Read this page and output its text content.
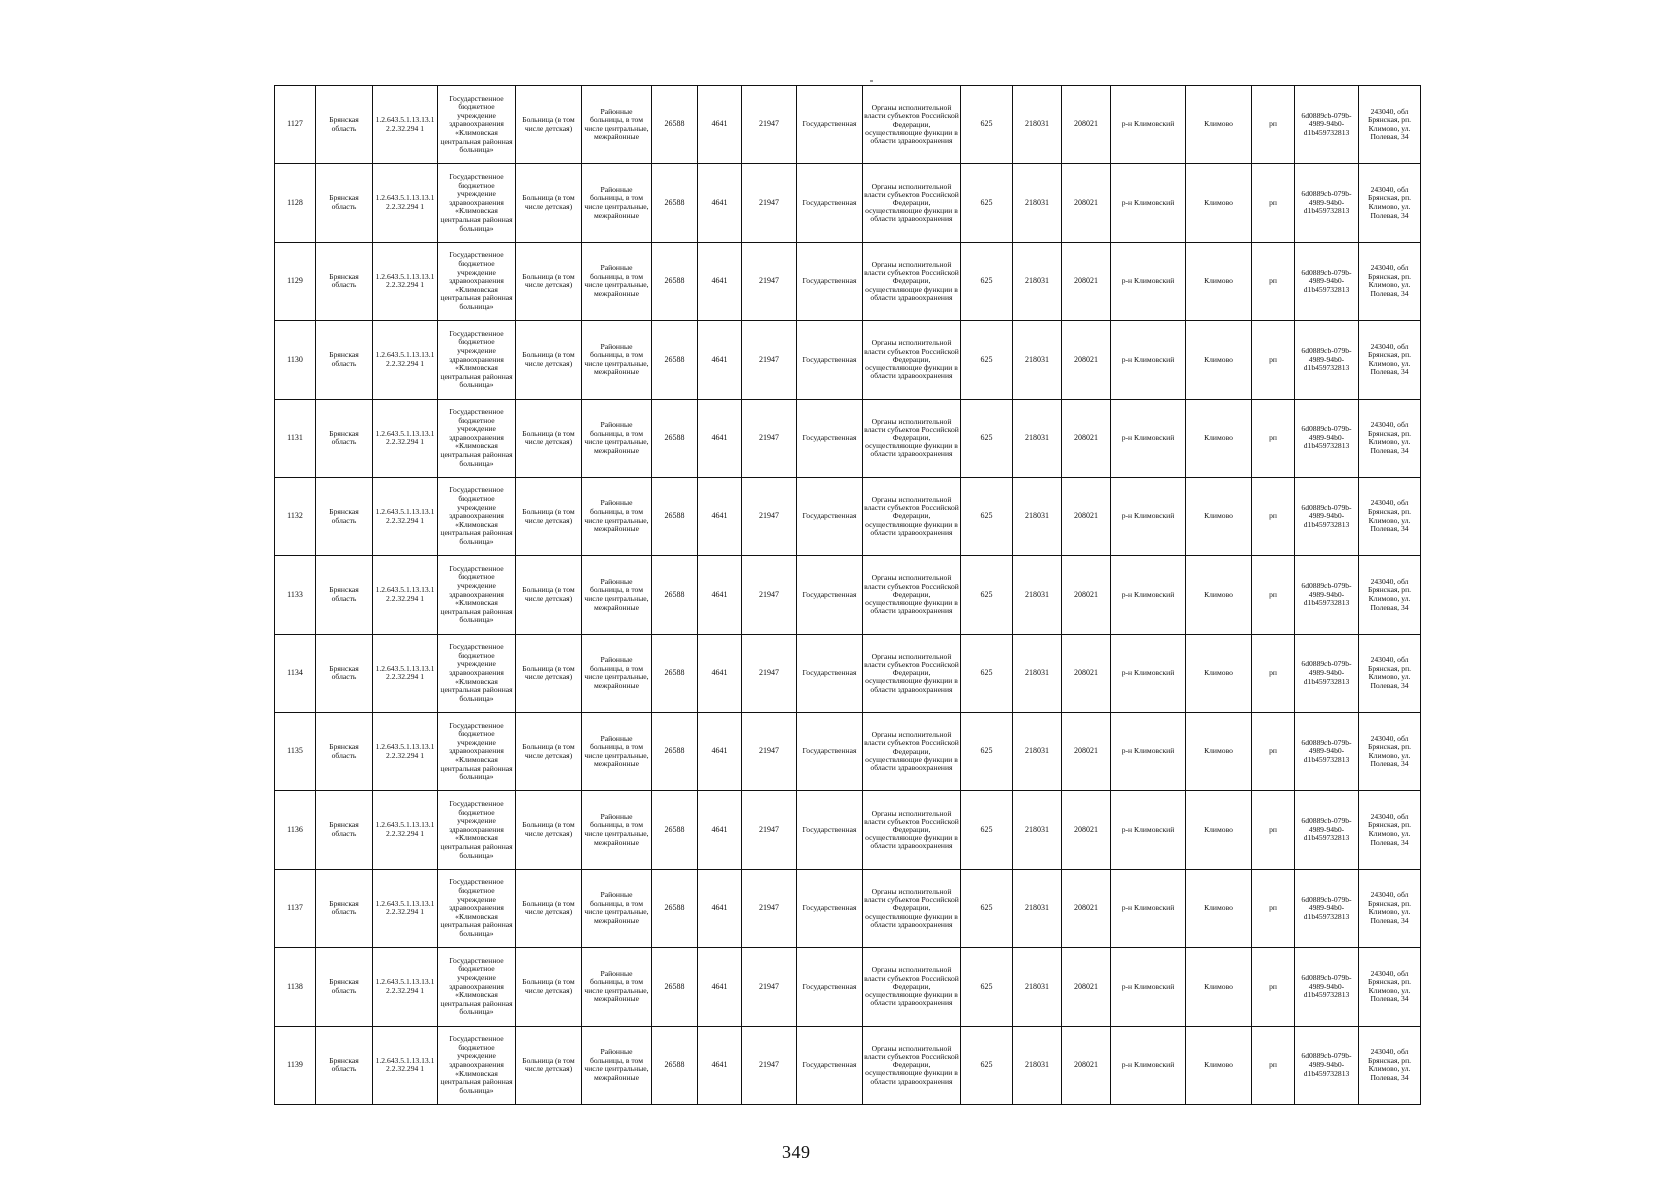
1127	Брянская область	1.2.643.5.1.13.13.12.2.32.294 1	Государственное бюджетное учреждение здравоохранения «Климовская центральная районная больница»	Больница (в том числе детская)	Районные больницы, в том числе центральные, межрайонные	26588	4641	21947	Государственная	Органы исполнительной власти субъектов Российской Федерации, осуществляющие функции в области здравоохранения	625	218031	208021	р-н Климовский	Климово	рп	6d0889cb-079b-4989-94b0-d1b459732813	243040, обл Брянская, рп. Климово, ул. Полевая, 34
1128	Брянская область	1.2.643.5.1.13.13.12.2.32.294 1	Государственное бюджетное учреждение здравоохранения «Климовская центральная районная больница»	Больница (в том числе детская)	Районные больницы, в том числе центральные, межрайонные	26588	4641	21947	Государственная	Органы исполнительной власти субъектов Российской Федерации, осуществляющие функции в области здравоохранения	625	218031	208021	р-н Климовский	Климово	рп	6d0889cb-079b-4989-94b0-d1b459732813	243040, обл Брянская, рп. Климово, ул. Полевая, 34
1129	Брянская область	1.2.643.5.1.13.13.12.2.32.294 1	Государственное бюджетное учреждение здравоохранения «Климовская центральная районная больница»	Больница (в том числе детская)	Районные больницы, в том числе центральные, межрайонные	26588	4641	21947	Государственная	Органы исполнительной власти субъектов Российской Федерации, осуществляющие функции в области здравоохранения	625	218031	208021	р-н Климовский	Климово	рп	6d0889cb-079b-4989-94b0-d1b459732813	243040, обл Брянская, рп. Климово, ул. Полевая, 34
1130	Брянская область	1.2.643.5.1.13.13.12.2.32.294 1	Государственное бюджетное учреждение здравоохранения «Климовская центральная районная больница»	Больница (в том числе детская)	Районные больницы, в том числе центральные, межрайонные	26588	4641	21947	Государственная	Органы исполнительной власти субъектов Российской Федерации, осуществляющие функции в области здравоохранения	625	218031	208021	р-н Климовский	Климово	рп	6d0889cb-079b-4989-94b0-d1b459732813	243040, обл Брянская, рп. Климово, ул. Полевая, 34
1131	Брянская область	1.2.643.5.1.13.13.12.2.32.294 1	Государственное бюджетное учреждение здравоохранения «Климовская центральная районная больница»	Больница (в том числе детская)	Районные больницы, в том числе центральные, межрайонные	26588	4641	21947	Государственная	Органы исполнительной власти субъектов Российской Федерации, осуществляющие функции в области здравоохранения	625	218031	208021	р-н Климовский	Климово	рп	6d0889cb-079b-4989-94b0-d1b459732813	243040, обл Брянская, рп. Климово, ул. Полевая, 34
1132	Брянская область	1.2.643.5.1.13.13.12.2.32.294 1	Государственное бюджетное учреждение здравоохранения «Климовская центральная районная больница»	Больница (в том числе детская)	Районные больницы, в том числе центральные, межрайонные	26588	4641	21947	Государственная	Органы исполнительной власти субъектов Российской Федерации, осуществляющие функции в области здравоохранения	625	218031	208021	р-н Климовский	Климово	рп	6d0889cb-079b-4989-94b0-d1b459732813	243040, обл Брянская, рп. Климово, ул. Полевая, 34
1133	Брянская область	1.2.643.5.1.13.13.12.2.32.294 1	Государственное бюджетное учреждение здравоохранения «Климовская центральная районная больница»	Больница (в том числе детская)	Районные больницы, в том числе центральные, межрайонные	26588	4641	21947	Государственная	Органы исполнительной власти субъектов Российской Федерации, осуществляющие функции в области здравоохранения	625	218031	208021	р-н Климовский	Климово	рп	6d0889cb-079b-4989-94b0-d1b459732813	243040, обл Брянская, рп. Климово, ул. Полевая, 34
1134	Брянская область	1.2.643.5.1.13.13.12.2.32.294 1	Государственное бюджетное учреждение здравоохранения «Климовская центральная районная больница»	Больница (в том числе детская)	Районные больницы, в том числе центральные, межрайонные	26588	4641	21947	Государственная	Органы исполнительной власти субъектов Российской Федерации, осуществляющие функции в области здравоохранения	625	218031	208021	р-н Климовский	Климово	рп	6d0889cb-079b-4989-94b0-d1b459732813	243040, обл Брянская, рп. Климово, ул. Полевая, 34
1135	Брянская область	1.2.643.5.1.13.13.12.2.32.294 1	Государственное бюджетное учреждение здравоохранения «Климовская центральная районная больница»	Больница (в том числе детская)	Районные больницы, в том числе центральные, межрайонные	26588	4641	21947	Государственная	Органы исполнительной власти субъектов Российской Федерации, осуществляющие функции в области здравоохранения	625	218031	208021	р-н Климовский	Климово	рп	6d0889cb-079b-4989-94b0-d1b459732813	243040, обл Брянская, рп. Климово, ул. Полевая, 34
1136	Брянская область	1.2.643.5.1.13.13.12.2.32.294 1	Государственное бюджетное учреждение здравоохранения «Климовская центральная районная больница»	Больница (в том числе детская)	Районные больницы, в том числе центральные, межрайонные	26588	4641	21947	Государственная	Органы исполнительной власти субъектов Российской Федерации, осуществляющие функции в области здравоохранения	625	218031	208021	р-н Климовский	Климово	рп	6d0889cb-079b-4989-94b0-d1b459732813	243040, обл Брянская, рп. Климово, ул. Полевая, 34
1137	Брянская область	1.2.643.5.1.13.13.12.2.32.294 1	Государственное бюджетное учреждение здравоохранения «Климовская центральная районная больница»	Больница (в том числе детская)	Районные больницы, в том числе центральные, межрайонные	26588	4641	21947	Государственная	Органы исполнительной власти субъектов Российской Федерации, осуществляющие функции в области здравоохранения	625	218031	208021	р-н Климовский	Климово	рп	6d0889cb-079b-4989-94b0-d1b459732813	243040, обл Брянская, рп. Климово, ул. Полевая, 34
1138	Брянская область	1.2.643.5.1.13.13.12.2.32.294 1	Государственное бюджетное учреждение здравоохранения «Климовская центральная районная больница»	Больница (в том числе детская)	Районные больницы, в том числе центральные, межрайонные	26588	4641	21947	Государственная	Органы исполнительной власти субъектов Российской Федерации, осуществляющие функции в области здравоохранения	625	218031	208021	р-н Климовский	Климово	рп	6d0889cb-079b-4989-94b0-d1b459732813	243040, обл Брянская, рп. Климово, ул. Полевая, 34
1139	Брянская область	1.2.643.5.1.13.13.12.2.32.294 1	Государственное бюджетное учреждение здравоохранения «Климовская центральная районная больница»	Больница (в том числе детская)	Районные больницы, в том числе центральные, межрайонные	26588	4641	21947	Государственная	Органы исполнительной власти субъектов Российской Федерации, осуществляющие функции в области здравоохранения	625	218031	208021	р-н Климовский	Климово	рп	6d0889cb-079b-4989-94b0-d1b459732813	243040, обл Брянская, рп. Климово, ул. Полевая, 34
349
